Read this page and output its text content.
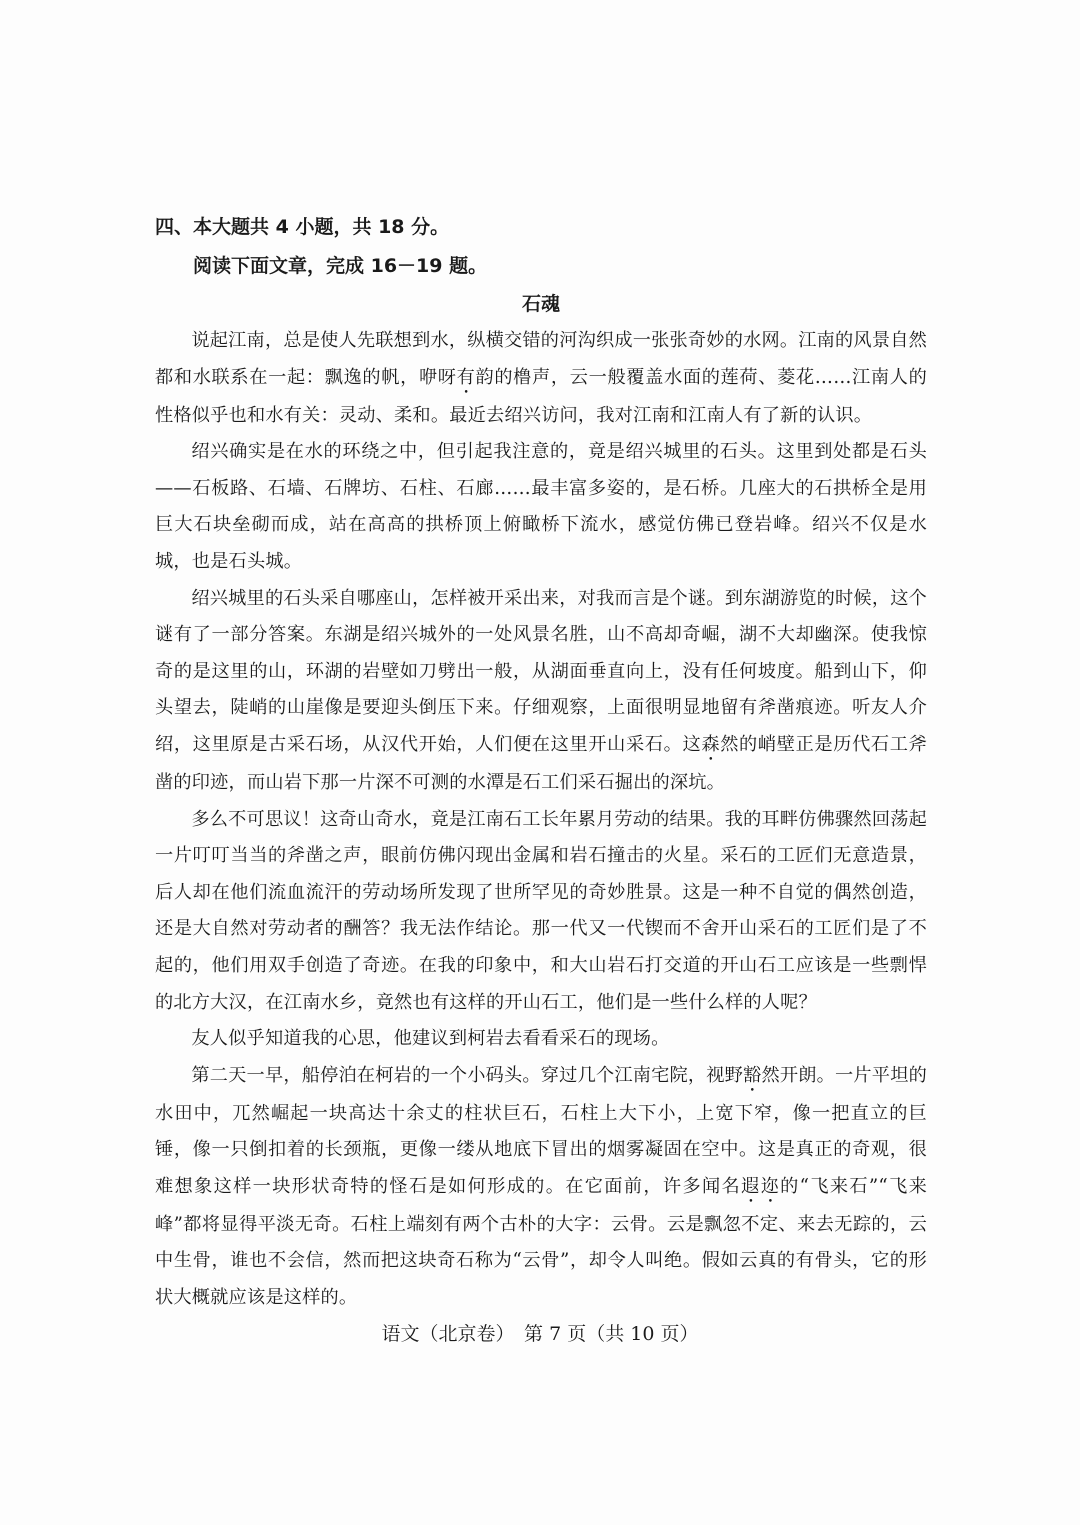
四、本大题共 4 小题，共 18 分。

阅读下面文章，完成 16－19 题。

石魂

说起江南，总是使人先联想到水，纵横交错的河沟织成一张张奇妙的水网。江南的风景自然都和水联系在一起：飘逸的帆，咿呀有韵的橹声，云一般覆盖水面的莲荷、菱花……江南人的性格似乎也和水有关：灵动、柔和。最近去绍兴访问，我对江南和江南人有了新的认识。

绍兴确实是在水的环绕之中，但引起我注意的，竟是绍兴城里的石头。这里到处都是石头——石板路、石墙、石牌坊、石柱、石廊……最丰富多姿的，是石桥。几座大的石拱桥全是用巨大石块垒砌而成，站在高高的拱桥顶上俯瞰桥下流水，感觉仿佛已登岩峰。绍兴不仅是水城，也是石头城。

绍兴城里的石头采自哪座山，怎样被开采出来，对我而言是个谜。到东湖游览的时候，这个谜有了一部分答案。东湖是绍兴城外的一处风景名胜，山不高却奇崛，湖不大却幽深。使我惊奇的是这里的山，环湖的岩壁如刀劈出一般，从湖面垂直向上，没有任何坡度。船到山下，仰头望去，陡峭的山崖像是要迎头倒压下来。仔细观察，上面很明显地留有斧凿痕迹。听友人介绍，这里原是古采石场，从汉代开始，人们便在这里开山采石。这森然的峭壁正是历代石工斧凿的印迹，而山岩下那一片深不可测的水潭是石工们采石掘出的深坑。

多么不可思议！这奇山奇水，竟是江南石工长年累月劳动的结果。我的耳畔仿佛骤然回荡起一片叮叮当当的斧凿之声，眼前仿佛闪现出金属和岩石撞击的火星。采石的工匠们无意造景，后人却在他们流血流汗的劳动场所发现了世所罕见的奇妙胜景。这是一种不自觉的偶然创造，还是大自然对劳动者的酬答？我无法作结论。那一代又一代锲而不舍开山采石的工匠们是了不起的，他们用双手创造了奇迹。在我的印象中，和大山岩石打交道的开山石工应该是一些剽悍的北方大汉，在江南水乡，竟然也有这样的开山石工，他们是一些什么样的人呢？

友人似乎知道我的心思，他建议到柯岩去看看采石的现场。

第二天一早，船停泊在柯岩的一个小码头。穿过几个江南宅院，视野豁然开朗。一片平坦的水田中，兀然崛起一块高达十余丈的柱状巨石，石柱上大下小，上宽下窄，像一把直立的巨锤，像一只倒扣着的长颈瓶，更像一缕从地底下冒出的烟雾凝固在空中。这是真正的奇观，很难想象这样一块形状奇特的怪石是如何形成的。在它面前，许多闻名遐迩的“飞来石”“飞来峰”都将显得平淡无奇。石柱上端刻有两个古朴的大字：云骨。云是飘忽不定、来去无踪的，云中生骨，谁也不会信，然而把这块奇石称为“云骨”，却令人叫绝。假如云真的有骨头，它的形状大概就应该是这样的。

语文（北京卷）　第 7 页（共 10 页）
